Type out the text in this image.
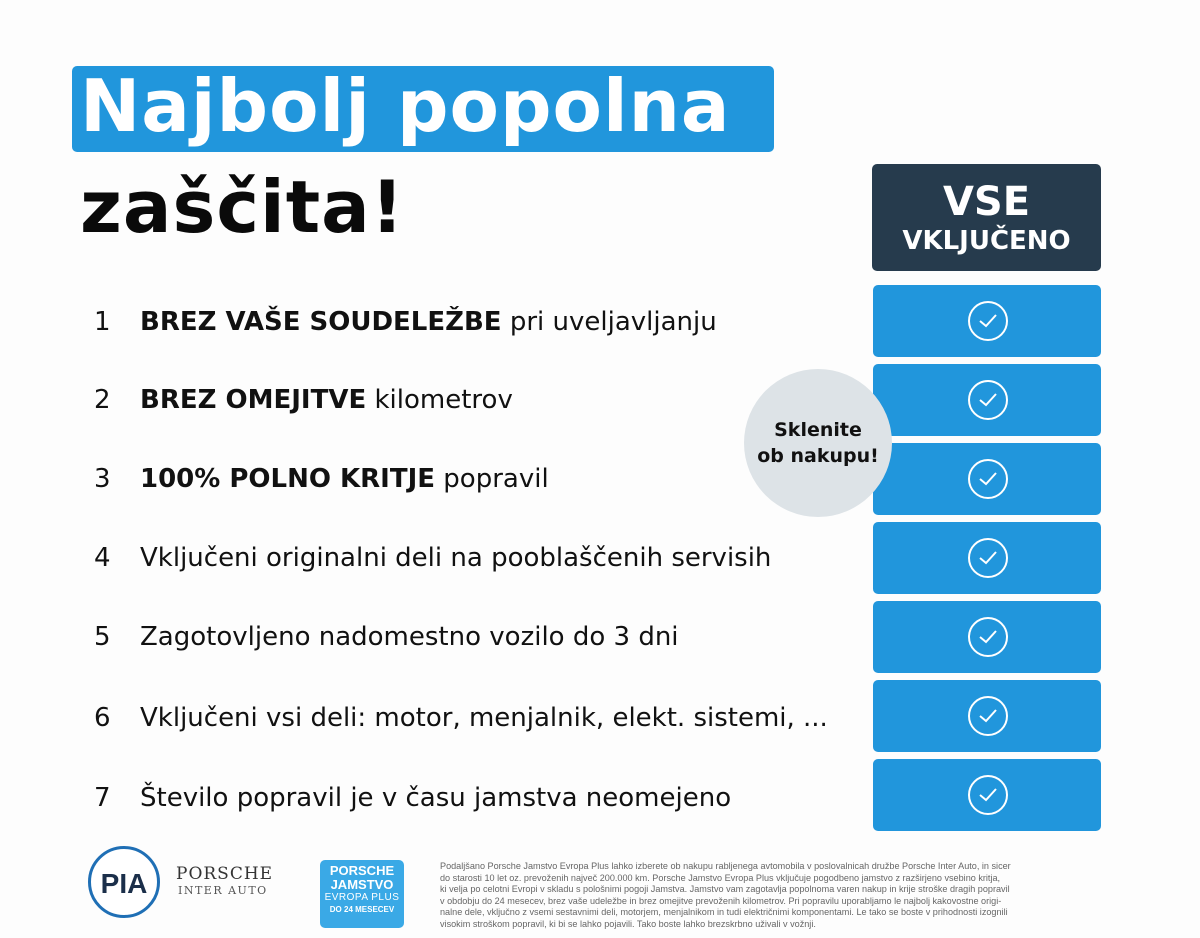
Najbolj popolna
zaščita!	VSE
VKLJUČENO
1 BREZ VAŠE SOUDELEŽBE pri uveljavljanju
2 BREZ OMEJITVE kilometrov
3 100% POLNO KRITJE popravil
4 Vključeni originalni deli na pooblaščenih servisih
5 Zagotovljeno nadomestno vozilo do 3 dni
6 Vključeni vsi deli: motor, menjalnik, elekt. sistemi, ...
7 Število popravil je v času jamstva neomejeno
Sklenite
ob nakupu!
PIA PORSCHE
INTER AUTO
PORSCHE
JAMSTVO
EVROPA PLUS
DO 24 MESECEV
Podaljšano Porsche Jamstvo Evropa Plus lahko izberete ob nakupu rabljenega avtomobila v poslovalnicah družbe Porsche Inter Auto, in sicer
do starosti 10 let oz. prevoženih največ 200.000 km. Porsche Jamstvo Evropa Plus vključuje pogodbeno jamstvo z razširjeno vsebino kritja,
ki velja po celotni Evropi v skladu s pološnimi pogoji Jamstva. Jamstvo vam zagotavlja popolnoma varen nakup in krije stroške dragih popravil
v obdobju do 24 mesecev, brez vaše udeležbe in brez omejitve prevoženih kilometrov. Pri popravilu uporabljamo le najbolj kakovostne origi-
nalne dele, vključno z vsemi sestavnimi deli, motorjem, menjalnikom in tudi električnimi komponentami. Le tako se boste v prihodnosti izognili
visokim stroškom popravil, ki bi se lahko pojavili. Tako boste lahko brezskrbno uživali v vožnji.
